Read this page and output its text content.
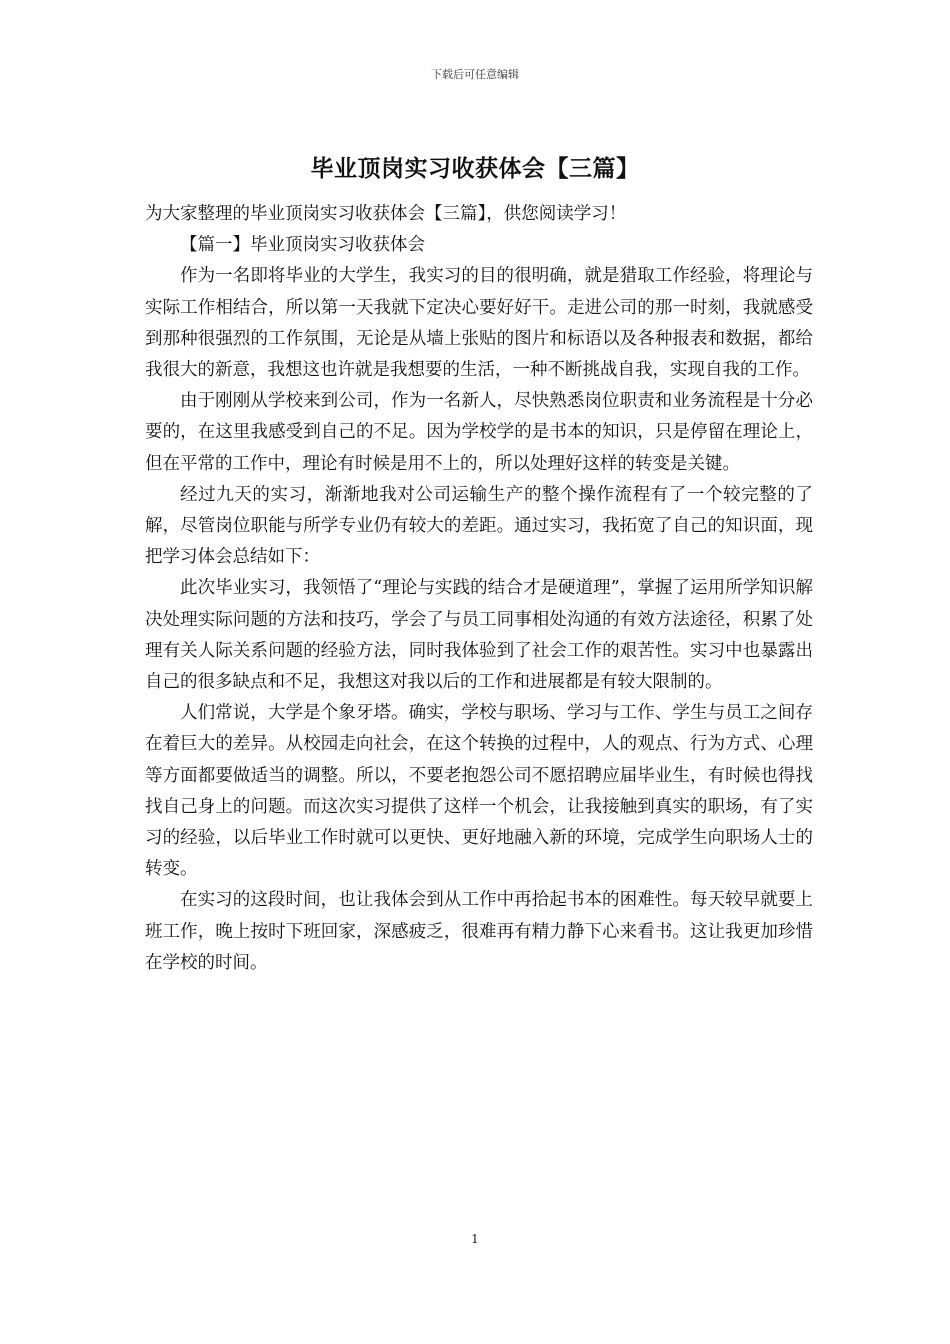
下载后可任意编辑
毕业顶岗实习收获体会【三篇】

为大家整理的毕业顶岗实习收获体会【三篇】，供您阅读学习！

【篇一】毕业顶岗实习收获体会

作为一名即将毕业的大学生，我实习的目的很明确，就是猎取工作经验，将理论与实际工作相结合，所以第一天我就下定决心要好好干。走进公司的那一时刻，我就感受到那种很强烈的工作氛围，无论是从墙上张贴的图片和标语以及各种报表和数据，都给我很大的新意，我想这也许就是我想要的生活，一种不断挑战自我，实现自我的工作。

由于刚刚从学校来到公司，作为一名新人，尽快熟悉岗位职责和业务流程是十分必要的，在这里我感受到自己的不足。因为学校学的是书本的知识，只是停留在理论上，但在平常的工作中，理论有时候是用不上的，所以处理好这样的转变是关键。

经过九天的实习，渐渐地我对公司运输生产的整个操作流程有了一个较完整的了解，尽管岗位职能与所学专业仍有较大的差距。通过实习，我拓宽了自己的知识面，现把学习体会总结如下：

此次毕业实习，我领悟了“理论与实践的结合才是硬道理”，掌握了运用所学知识解决处理实际问题的方法和技巧，学会了与员工同事相处沟通的有效方法途径，积累了处理有关人际关系问题的经验方法，同时我体验到了社会工作的艰苦性。实习中也暴露出自己的很多缺点和不足，我想这对我以后的工作和进展都是有较大限制的。

人们常说，大学是个象牙塔。确实，学校与职场、学习与工作、学生与员工之间存在着巨大的差异。从校园走向社会，在这个转换的过程中，人的观点、行为方式、心理等方面都要做适当的调整。所以，不要老抱怨公司不愿招聘应届毕业生，有时候也得找找自己身上的问题。而这次实习提供了这样一个机会，让我接触到真实的职场，有了实习的经验，以后毕业工作时就可以更快、更好地融入新的环境，完成学生向职场人士的转变。

在实习的这段时间，也让我体会到从工作中再拾起书本的困难性。每天较早就要上班工作，晚上按时下班回家，深感疲乏，很难再有精力静下心来看书。这让我更加珍惜在学校的时间。

1
